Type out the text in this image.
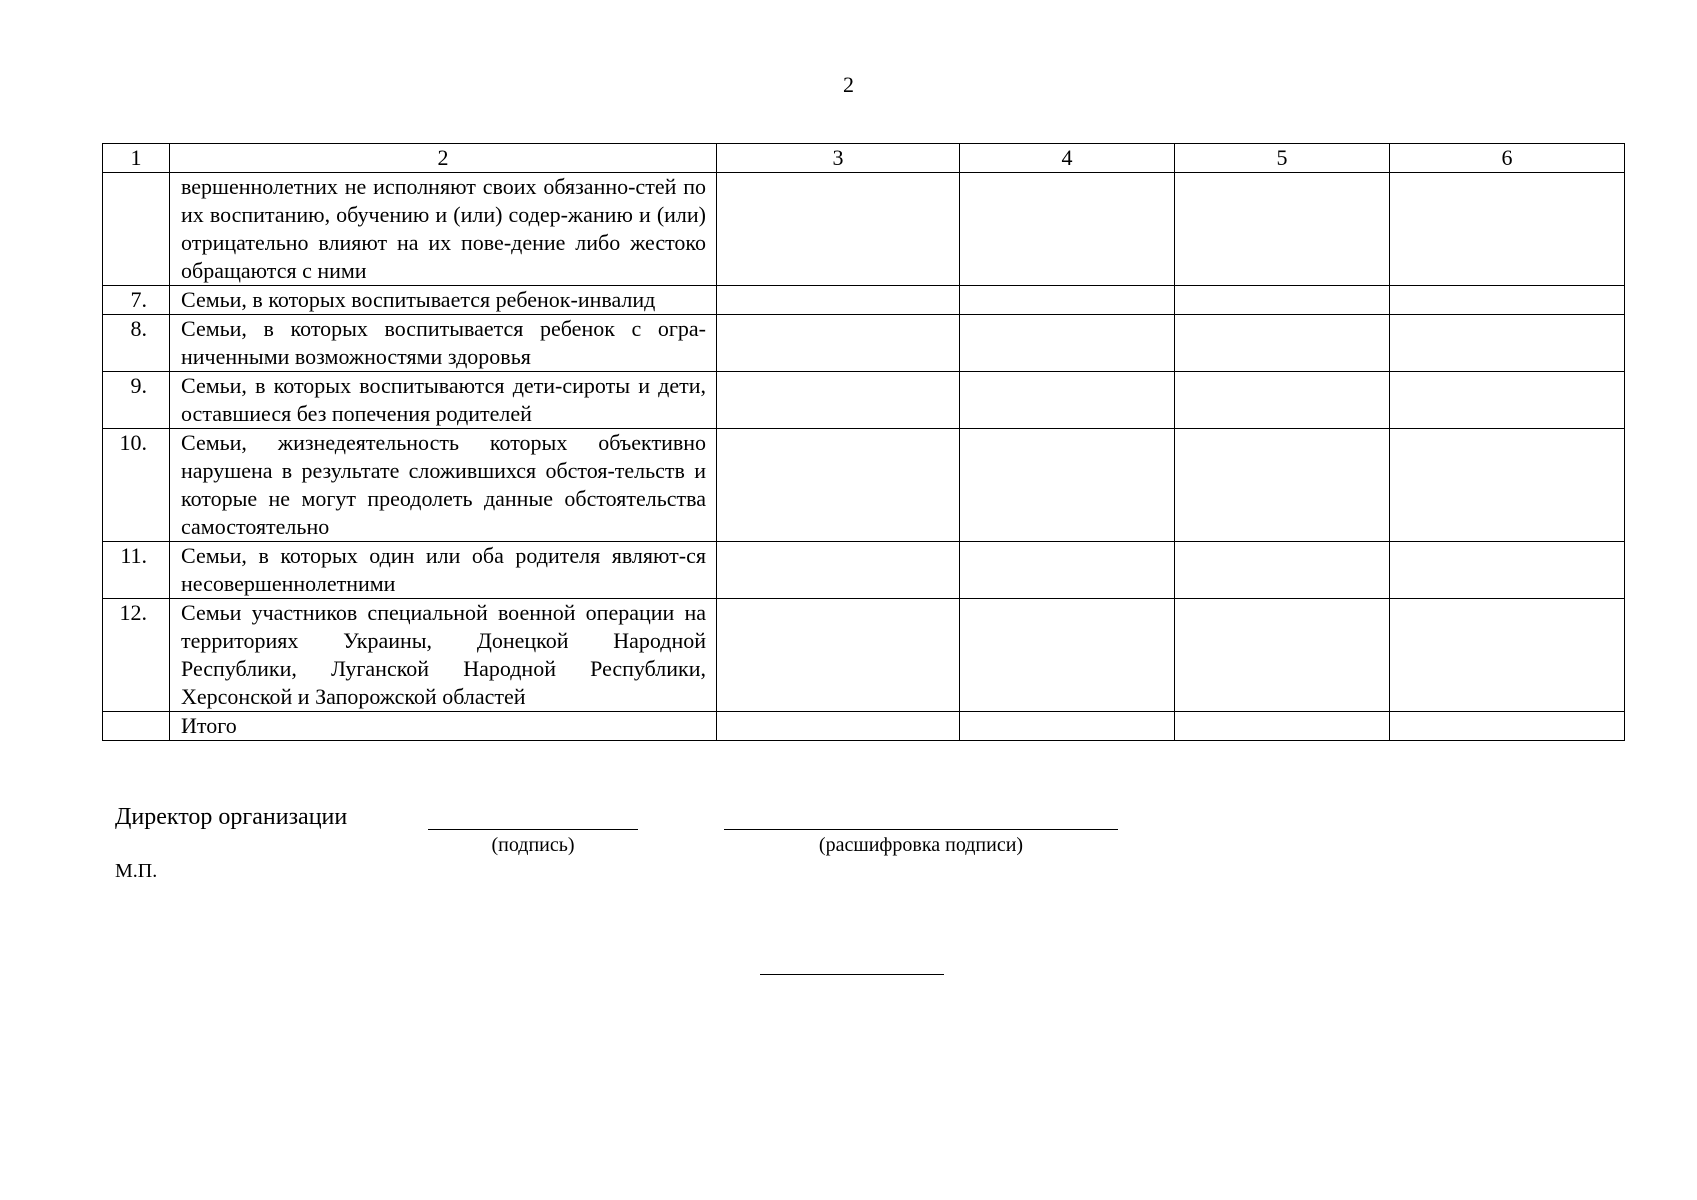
2
1	2	3	4	5	6

	вершеннолетних не исполняют своих обязанно-стей по их воспитанию, обучению и (или) содер-жанию и (или) отрицательно влияют на их пове-дение либо жестоко обращаются с ними				

7.	Семьи, в которых воспитывается ребенок-инвалид				

8.	Семьи, в которых воспитывается ребенок с огра-ниченными возможностями здоровья				

9.	Семьи, в которых воспитываются дети-сироты и дети, оставшиеся без попечения родителей				

10.	Семьи, жизнедеятельность которых объективно нарушена в результате сложившихся обстоя-тельств и которые не могут преодолеть данные обстоятельства самостоятельно				

11.	Семьи, в которых один или оба родителя являют-ся несовершеннолетними				

12.	Семьи участников специальной военной операции на территориях Украины, Донецкой Народной Республики, Луганской Народной Республики, Херсонской и Запорожской областей				

	Итого				

Директор организации
(подпись)	(расшифровка подписи)
М.П.
